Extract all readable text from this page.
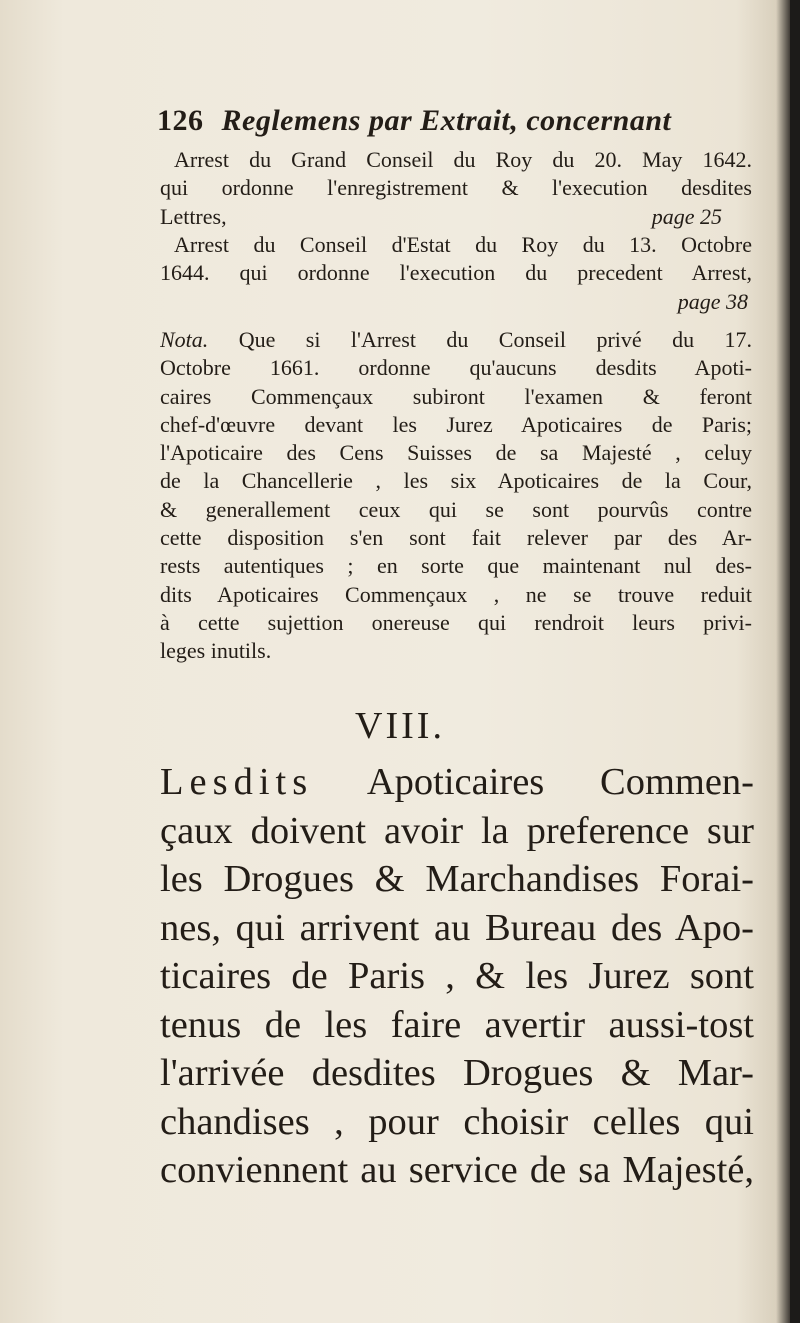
126 Reglemens par Extrait, concernant
Arrest du Grand Conseil du Roy du 20. May 1642.
qui ordonne l'enregistrement & l'execution desdites
Lettres,	page 25
Arrest du Conseil d'Estat du Roy du 13. Octobre
1644. qui ordonne l'execution du precedent Arrest,
page 38
Nota. Que si l'Arrest du Conseil privé du 17.
Octobre 1661. ordonne qu'aucuns desdits Apoti-
caires Commençaux subiront l'examen & feront
chef-d'œuvre devant les Jurez Apoticaires de Paris;
l'Apoticaire des Cens Suisses de sa Majesté , celuy
de la Chancellerie , les six Apoticaires de la Cour,
& generallement ceux qui se sont pourvûs contre
cette disposition s'en sont fait relever par des Ar-
rests autentiques ; en sorte que maintenant nul des-
dits Apoticaires Commençaux , ne se trouve reduit
à cette sujettion onereuse qui rendroit leurs privi-
leges inutils.
VIII.
Lesdits Apoticaires Commen-
çaux doivent avoir la preference sur
les Drogues & Marchandises Forai-
nes, qui arrivent au Bureau des Apo-
ticaires de Paris , & les Jurez sont
tenus de les faire avertir aussi-tost
l'arrivée desdites Drogues & Mar-
chandises , pour choisir celles qui
conviennent au service de sa Majesté,
